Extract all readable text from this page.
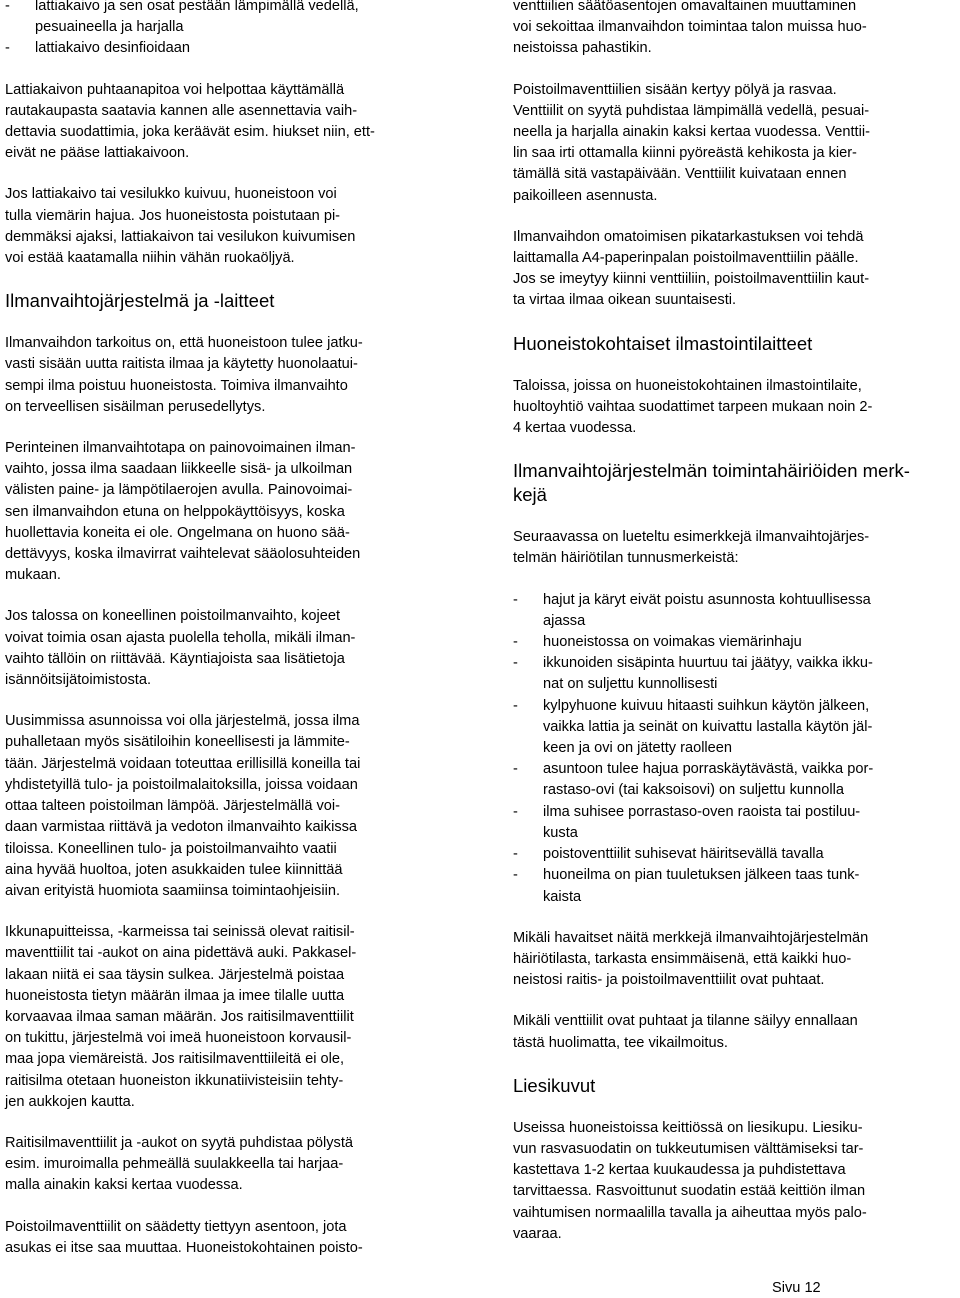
- lattiakaivo ja sen osat pestään lämpimällä vedellä,
pesuaineella ja harjalla
- lattiakaivo desinfioidaan

Lattiakaivon puhtaanapitoa voi helpottaa käyttämällä
rautakaupasta saatavia kannen alle asennettavia vaih-
dettavia suodattimia, joka keräävät esim. hiukset niin, ett-
eivät ne pääse lattiakaivoon.

Jos lattiakaivo tai vesilukko kuivuu, huoneistoon voi
tulla viemärin hajua. Jos huoneistosta poistutaan pi-
demmäksi ajaksi, lattiakaivon tai vesilukon kuivumisen
voi estää kaatamalla niihin vähän ruokaöljyä.

Ilmanvaihtojärjestelmä ja -laitteet

Ilmanvaihdon tarkoitus on, että huoneistoon tulee jatku-
vasti sisään uutta raitista ilmaa ja käytetty huonolaatui-
sempi ilma poistuu huoneistosta. Toimiva ilmanvaihto
on terveellisen sisäilman perusedellytys.

Perinteinen ilmanvaihtotapa on painovoimainen ilman-
vaihto, jossa ilma saadaan liikkeelle sisä- ja ulkoilman
välisten paine- ja lämpötilaerojen avulla. Painovoimai-
sen ilmanvaihdon etuna on helppokäyttöisyys, koska
huollettavia koneita ei ole. Ongelmana on huono sää-
dettävyys, koska ilmavirrat vaihtelevat sääolosuhteiden
mukaan.

Jos talossa on koneellinen poistoilmanvaihto, kojeet
voivat toimia osan ajasta puolella teholla, mikäli ilman-
vaihto tällöin on riittävää. Käyntiajoista saa lisätietoja
isännöitsijätoimistosta.

Uusimmissa asunnoissa voi olla järjestelmä, jossa ilma
puhalletaan myös sisätiloihin koneellisesti ja lämmite-
tään. Järjestelmä voidaan toteuttaa erillisillä koneilla tai
yhdistetyillä tulo- ja poistoilmalaitoksilla, joissa voidaan
ottaa talteen poistoilman lämpöä. Järjestelmällä voi-
daan varmistaa riittävä ja vedoton ilmanvaihto kaikissa
tiloissa. Koneellinen tulo- ja poistoilmanvaihto vaatii
aina hyvää huoltoa, joten asukkaiden tulee kiinnittää
aivan erityistä huomiota saamiinsa toimintaohjeisiin.

Ikkunapuitteissa, -karmeissa tai seinissä olevat raitisil-
maventtiilit tai -aukot on aina pidettävä auki. Pakkasel-
lakaan niitä ei saa täysin sulkea. Järjestelmä poistaa
huoneistosta tietyn määrän ilmaa ja imee tilalle uutta
korvaavaa ilmaa saman määrän. Jos raitisilmaventtiilit
on tukittu, järjestelmä voi imeä huoneistoon korvausil-
maa jopa viemäreistä. Jos raitisilmaventtiileitä ei ole,
raitisilma otetaan huoneiston ikkunatiivisteisiin tehty-
jen aukkojen kautta.

Raitisilmaventtiilit ja -aukot on syytä puhdistaa pölystä
esim. imuroimalla pehmeällä suulakkeella tai harjaa-
malla ainakin kaksi kertaa vuodessa.

Poistoilmaventtiilit on säädetty tiettyyn asentoon, jota
asukas ei itse saa muuttaa. Huoneistokohtainen poisto-

venttiilien säätöasentojen omavaltainen muuttaminen
voi sekoittaa ilmanvaihdon toimintaa talon muissa huo-
neistoissa pahastikin.

Poistoilmaventtiilien sisään kertyy pölyä ja rasvaa.
Venttiilit on syytä puhdistaa lämpimällä vedellä, pesuai-
neella ja harjalla ainakin kaksi kertaa vuodessa. Venttii-
lin saa irti ottamalla kiinni pyöreästä kehikosta ja kier-
tämällä sitä vastapäivään. Venttiilit kuivataan ennen
paikoilleen asennusta.

Ilmanvaihdon omatoimisen pikatarkastuksen voi tehdä
laittamalla A4-paperinpalan poistoilmaventtiilin päälle.
Jos se imeytyy kiinni venttiiliin, poistoilmaventtiilin kaut-
ta virtaa ilmaa oikean suuntaisesti.

Huoneistokohtaiset ilmastointilaitteet

Taloissa, joissa on huoneistokohtainen ilmastointilaite,
huoltoyhtiö vaihtaa suodattimet tarpeen mukaan noin 2-
4 kertaa vuodessa.

Ilmanvaihtojärjestelmän toimintahäiriöiden merk-
kejä

Seuraavassa on lueteltu esimerkkejä ilmanvaihtojärjes-
telmän häiriötilan tunnusmerkeistä:

- hajut ja käryt eivät poistu asunnosta kohtuullisessa
ajassa
- huoneistossa on voimakas viemärinhaju
- ikkunoiden sisäpinta huurtuu tai jäätyy, vaikka ikku-
nat on suljettu kunnollisesti
- kylpyhuone kuivuu hitaasti suihkun käytön jälkeen,
vaikka lattia ja seinät on kuivattu lastalla käytön jäl-
keen ja ovi on jätetty raolleen
- asuntoon tulee hajua porraskäytävästä, vaikka por-
rastaso-ovi (tai kaksoisovi) on suljettu kunnolla
- ilma suhisee porrastaso-oven raoista tai postiluu-
kusta
- poistoventtiilit suhisevat häiritsevällä tavalla
- huoneilma on pian tuuletuksen jälkeen taas tunk-
kaista

Mikäli havaitset näitä merkkejä ilmanvaihtojärjestelmän
häiriötilasta, tarkasta ensimmäisenä, että kaikki huo-
neistosi raitis- ja poistoilmaventtiilit ovat puhtaat.

Mikäli venttiilit ovat puhtaat ja tilanne säilyy ennallaan
tästä huolimatta, tee vikailmoitus.

Liesikuvut

Useissa huoneistoissa keittiössä on liesikupu. Liesiku-
vun rasvasuodatin on tukkeutumisen välttämiseksi tar-
kastettava 1-2 kertaa kuukaudessa ja puhdistettava
tarvittaessa. Rasvoittunut suodatin estää keittiön ilman
vaihtumisen normaalilla tavalla ja aiheuttaa myös palo-
vaaraa.

Sivu 12
